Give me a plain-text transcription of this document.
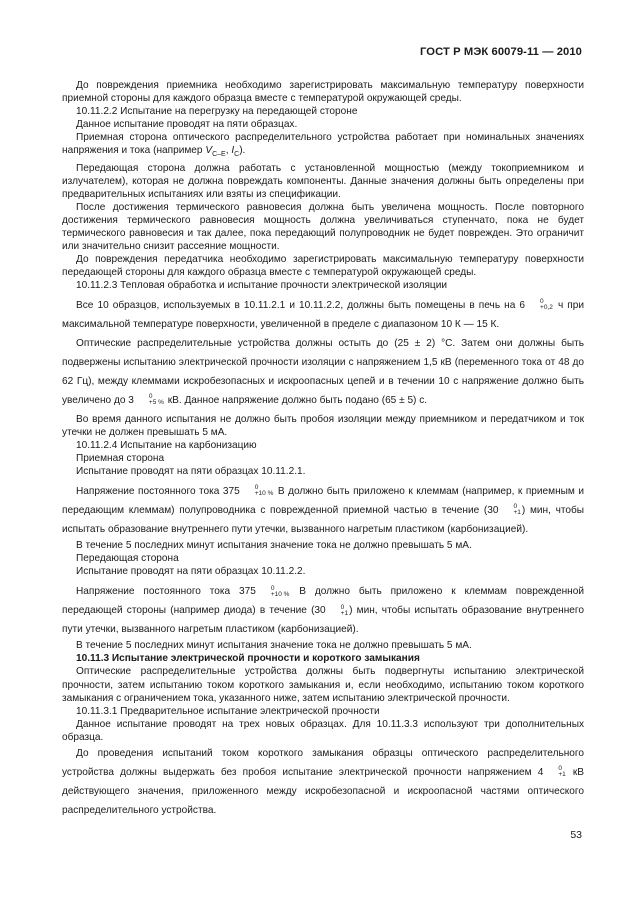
ГОСТ Р МЭК 60079-11 — 2010

До повреждения приемника необходимо зарегистрировать максимальную температуру поверхности приемной стороны для каждого образца вместе с температурой окружающей среды.

10.11.2.2 Испытание на перегрузку на передающей стороне

Данное испытание проводят на пяти образцах.

Приемная сторона оптического распределительного устройства работает при номинальных значениях напряжения и тока (например $V_{C-E}$, $I_C$).

Передающая сторона должна работать с установленной мощностью (между токоприемником и излучателем), которая не должна повреждать компоненты. Данные значения должны быть определены при предварительных испытаниях или взяты из спецификации.

После достижения термического равновесия должна быть увеличена мощность. После повторного достижения термического равновесия мощность должна увеличиваться ступенчато, пока не будет термического равновесия и так далее, пока передающий полупроводник не будет поврежден. Это ограничит или значительно снизит рассеяние мощности.

До повреждения передатчика необходимо зарегистрировать максимальную температуру поверхности передающей стороны для каждого образца вместе с температурой окружающей среды.

10.11.2.3 Тепловая обработка и испытание прочности электрической изоляции

Все 10 образцов, используемых в 10.11.2.1 и 10.11.2.2, должны быть помещены в печь на 6	0
+0,2 ч при максимальной температуре поверхности, увеличенной в пределе с диапазоном 10 К — 15 К.

Оптические распределительные устройства должны остыть до (25 ± 2) °C. Затем они должны быть подвержены испытанию электрической прочности изоляции с напряжением 1,5 кВ (переменного тока от 48 до 62 Гц), между клеммами искробезопасных и искроопасных цепей и в течении 10 с напряжение должно быть увеличено до 3	0
+5 % кВ. Данное напряжение должно быть подано (65 ± 5) с.

Во время данного испытания не должно быть пробоя изоляции между приемником и передатчиком и ток утечки не должен превышать 5 мА.

10.11.2.4 Испытание на карбонизацию

Приемная сторона

Испытание проводят на пяти образцах 10.11.2.1.

Напряжение постоянного тока 375	0
+10 % В должно быть приложено к клеммам (например, к приемным и передающим клеммам) полупроводника с поврежденной приемной частью в течение (30	0
+1 ) мин, чтобы испытать образование внутреннего пути утечки, вызванного нагретым пластиком (карбонизацией).

В течение 5 последних минут испытания значение тока не должно превышать 5 мА.

Передающая сторона

Испытание проводят на пяти образцах 10.11.2.2.

Напряжение постоянного тока 375	0
+10 % В должно быть приложено к клеммам поврежденной передающей стороны (например диода) в течение (30	0
+1 ) мин, чтобы испытать образование внутреннего пути утечки, вызванного нагретым пластиком (карбонизацией).

В течение 5 последних минут испытания значение тока не должно превышать 5 мА.

10.11.3 Испытание электрической прочности и короткого замыкания

Оптические распределительные устройства должны быть подвергнуты испытанию электрической прочности, затем испытанию током короткого замыкания и, если необходимо, испытанию током короткого замыкания с ограничением тока, указанного ниже, затем испытанию электрической прочности.

10.11.3.1 Предварительное испытание электрической прочности

Данное испытание проводят на трех новых образцах. Для 10.11.3.3 используют три дополнительных образца.

До проведения испытаний током короткого замыкания образцы оптического распределительного устройства должны выдержать без пробоя испытание электрической прочности напряжением 4	0
+1 кВ действующего значения, приложенного между искробезопасной и искроопасной частями оптического распределительного устройства.

53
